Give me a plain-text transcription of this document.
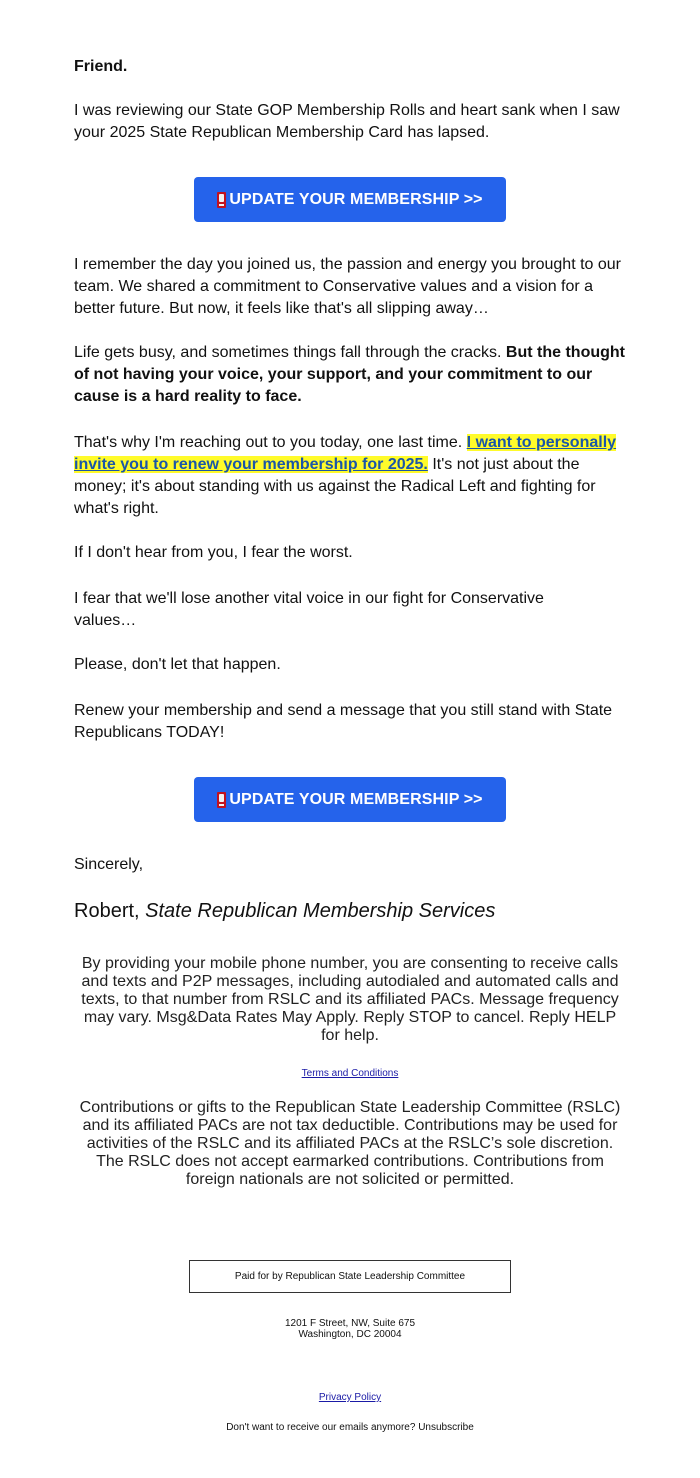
Friend.

I was reviewing our State GOP Membership Rolls and heart sank when I saw your 2025 State Republican Membership Card has lapsed.

I remember the day you joined us, the passion and energy you brought to our team. We shared a commitment to Conservative values and a vision for a better future. But now, it feels like that's all slipping away…

Life gets busy, and sometimes things fall through the cracks. But the thought of not having your voice, your support, and your commitment to our cause is a hard reality to face.

That's why I'm reaching out to you today, one last time. I want to personally invite you to renew your membership for 2025. It's not just about the money; it's about standing with us against the Radical Left and fighting for what's right.

If I don't hear from you, I fear the worst.

I fear that we'll lose another vital voice in our fight for Conservative values…

Please, don't let that happen.

Renew your membership and send a message that you still stand with State Republicans TODAY!

Sincerely,

Robert, State Republican Membership Services
UPDATE YOUR MEMBERSHIP >>
UPDATE YOUR MEMBERSHIP >>
By providing your mobile phone number, you are consenting to receive calls and texts and P2P messages, including autodialed and automated calls and texts, to that number from RSLC and its affiliated PACs. Message frequency may vary. Msg&Data Rates May Apply. Reply STOP to cancel. Reply HELP for help.
Terms and Conditions
Contributions or gifts to the Republican State Leadership Committee (RSLC) and its affiliated PACs are not tax deductible. Contributions may be used for activities of the RSLC and its affiliated PACs at the RSLC’s sole discretion. The RSLC does not accept earmarked contributions. Contributions from foreign nationals are not solicited or permitted.
Paid for by Republican State Leadership Committee
1201 F Street, NW, Suite 675
Washington, DC 20004
Privacy Policy
Don't want to receive our emails anymore? Unsubscribe
